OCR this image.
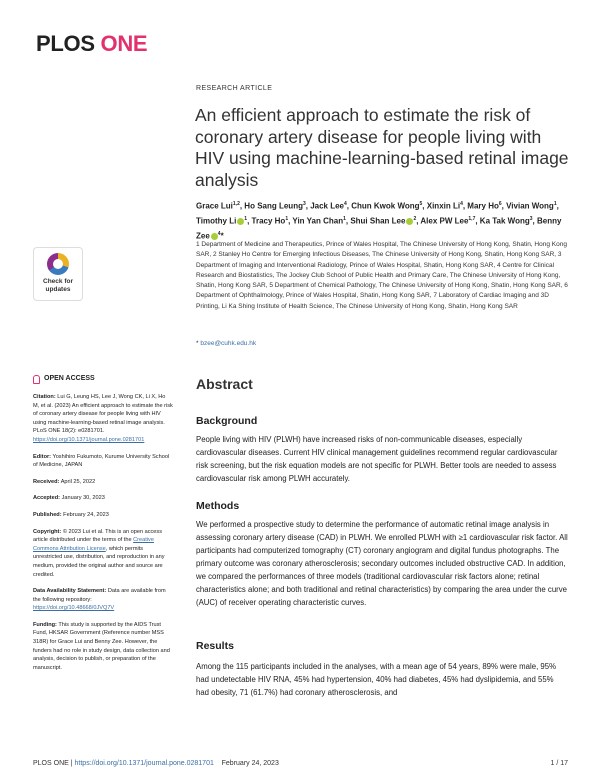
PLOS ONE
RESEARCH ARTICLE
An efficient approach to estimate the risk of coronary artery disease for people living with HIV using machine-learning-based retinal image analysis
Grace Lui$^{1,2}$, Ho Sang Leung$^3$, Jack Lee$^4$, Chun Kwok Wong$^5$, Xinxin Li$^4$, Mary Ho$^6$, Vivian Wong$^1$, Timothy Li $^1$, Tracy Ho$^1$, Yin Yan Chan$^1$, Shui Shan Lee $^2$, Alex PW Lee$^{1,7}$, Ka Tak Wong$^3$, Benny Zee $^4$*
1 Department of Medicine and Therapeutics, Prince of Wales Hospital, The Chinese University of Hong Kong, Shatin, Hong Kong SAR, 2 Stanley Ho Centre for Emerging Infectious Diseases, The Chinese University of Hong Kong, Shatin, Hong Kong SAR, 3 Department of Imaging and Interventional Radiology, Prince of Wales Hospital, Shatin, Hong Kong SAR, 4 Centre for Clinical Research and Biostatistics, The Jockey Club School of Public Health and Primary Care, The Chinese University of Hong Kong, Shatin, Hong Kong SAR, 5 Department of Chemical Pathology, The Chinese University of Hong Kong, Shatin, Hong Kong SAR, 6 Department of Ophthalmology, Prince of Wales Hospital, Shatin, Hong Kong SAR, 7 Laboratory of Cardiac Imaging and 3D Printing, Li Ka Shing Institute of Health Science, The Chinese University of Hong Kong, Shatin, Hong Kong SAR
* bzee@cuhk.edu.hk
Check for updates
OPEN ACCESS

Citation: Lui G, Leung HS, Lee J, Wong CK, Li X, Ho M, et al. (2023) An efficient approach to estimate the risk of coronary artery disease for people living with HIV using machine-learning-based retinal image analysis. PLoS ONE 18(2): e0281701. https://doi.org/10.1371/journal.pone.0281701

Editor: Yoshihiro Fukumoto, Kurume University School of Medicine, JAPAN

Received: April 25, 2022

Accepted: January 30, 2023

Published: February 24, 2023

Copyright: © 2023 Lui et al. This is an open access article distributed under the terms of the Creative Commons Attribution License, which permits unrestricted use, distribution, and reproduction in any medium, provided the original author and source are credited.

Data Availability Statement: Data are available from the following repository: https://doi.org/10.48668/0JVQ7V

Funding: This study is supported by the AIDS Trust Fund, HKSAR Government (Reference number MSS 318R) for Grace Lui and Benny Zee. However, the funders had no role in study design, data collection and analysis, decision to publish, or preparation of the manuscript.

Abstract
Background

People living with HIV (PLWH) have increased risks of non-communicable diseases, especially cardiovascular diseases. Current HIV clinical management guidelines recommend regular cardiovascular risk screening, but the risk equation models are not specific for PLWH. Better tools are needed to assess cardiovascular risk among PLWH accurately.

Methods

We performed a prospective study to determine the performance of automatic retinal image analysis in assessing coronary artery disease (CAD) in PLWH. We enrolled PLWH with ≥1 cardiovascular risk factor. All participants had computerized tomography (CT) coronary angiogram and digital fundus photographs. The primary outcome was coronary atherosclerosis; secondary outcomes included obstructive CAD. In addition, we compared the performances of three models (traditional cardiovascular risk factors alone; retinal characteristics alone; and both traditional and retinal characteristics) by comparing the area under the curve (AUC) of receiver operating characteristic curves.

Results

Among the 115 participants included in the analyses, with a mean age of 54 years, 89% were male, 95% had undetectable HIV RNA, 45% had hypertension, 40% had diabetes, 45% had dyslipidemia, and 55% had obesity, 71 (61.7%) had coronary atherosclerosis, and

PLOS ONE | https://doi.org/10.1371/journal.pone.0281701 February 24, 2023	1 / 17
